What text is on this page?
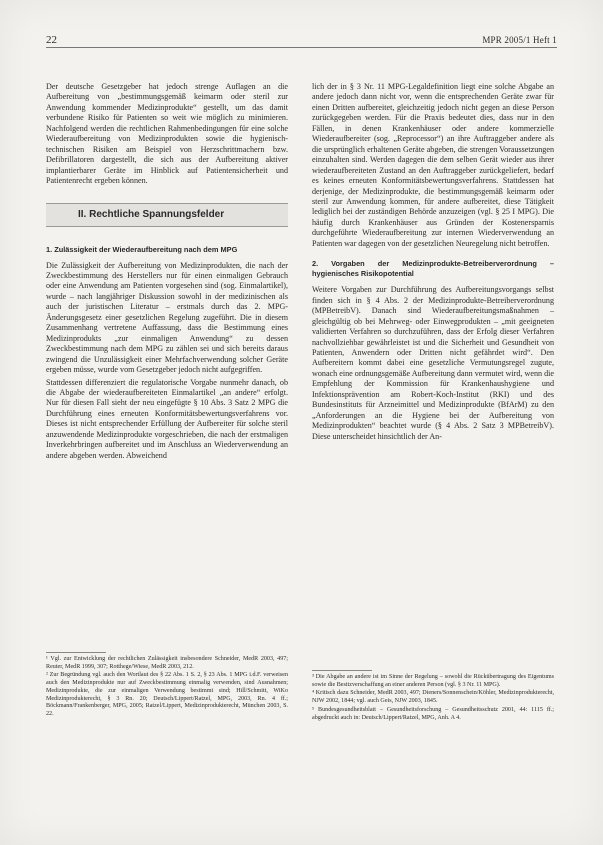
22	MPR 2005/1 Heft 1

Der deutsche Gesetzgeber hat jedoch strenge Auflagen an die Aufbereitung von „bestimmungsgemäß keimarm oder steril zur Anwendung kommender Medizinprodukte“ gestellt, um das damit verbundene Risiko für Patienten so weit wie möglich zu minimieren. Nachfolgend werden die rechtlichen Rahmenbedingungen für eine solche Wiederaufbereitung von Medizinprodukten sowie die hygienisch-technischen Risiken am Beispiel von Herzschrittmachern bzw. Defibrillatoren dargestellt, die sich aus der Aufbereitung aktiver implantierbarer Geräte im Hinblick auf Patientensicherheit und Patientenrecht ergeben können.

II. Rechtliche Spannungsfelder
1. Zulässigkeit der Wiederaufbereitung nach dem MPG

Die Zulässigkeit der Aufbereitung von Medizinprodukten, die nach der Zweckbestimmung des Herstellers nur für einen einmaligen Gebrauch oder eine Anwendung am Patienten vorgesehen sind (sog. Einmalartikel), wurde – nach langjähriger Diskussion sowohl in der medizinischen als auch der juristischen Literatur – erstmals durch das 2. MPG-Änderungsgesetz einer gesetzlichen Regelung zugeführt. Die in diesem Zusammenhang vertretene Auffassung, dass die Bestimmung eines Medizinprodukts „zur einmaligen Anwendung“ zu dessen Zweckbestimmung nach dem MPG zu zählen sei und sich bereits daraus zwingend die Unzulässigkeit einer Mehrfachverwendung solcher Geräte ergeben müsse, wurde vom Gesetzgeber jedoch nicht aufgegriffen.

Stattdessen differenziert die regulatorische Vorgabe nunmehr danach, ob die Abgabe der wiederaufbereiteten Einmalartikel „an andere“ erfolgt. Nur für diesen Fall sieht der neu eingefügte § 10 Abs. 3 Satz 2 MPG die Durchführung eines erneuten Konformitätsbewertungsverfahrens vor. Dieses ist nicht entsprechender Erfüllung der Aufbereiter für solche steril anzuwendende Medizinprodukte vorgeschrieben, die nach der erstmaligen Inverkehrbringen aufbereitet und im Anschluss an Wiederverwendung an andere abgeben werden. Abweichend

lich der in § 3 Nr. 11 MPG-Legaldefinition liegt eine solche Abgabe an andere jedoch dann nicht vor, wenn die entsprechenden Geräte zwar für einen Dritten aufbereitet, gleichzeitig jedoch nicht gegen an diese Person zurückgegeben werden. Für die Praxis bedeutet dies, dass nur in den Fällen, in denen Krankenhäuser oder andere kommerzielle Wiederaufbereiter (sog. „Reprocessor“) an ihre Auftraggeber andere als die ursprünglich erhaltenen Geräte abgeben, die strengen Voraussetzungen einzuhalten sind. Werden dagegen die dem selben Gerät wieder aus ihrer wiederaufbereiteten Zustand an den Auftraggeber zurückgeliefert, bedarf es keines erneuten Konformitätsbewertungsverfahrens. Stattdessen hat derjenige, der Medizinprodukte, die bestimmungsgemäß keimarm oder steril zur Anwendung kommen, für andere aufbereitet, diese Tätigkeit lediglich bei der zuständigen Behörde anzuzeigen (vgl. § 25 I MPG). Die häufig durch Krankenhäuser aus Gründen der Kostenersparnis durchgeführte Wiederaufbereitung zur internen Wiederverwendung an Patienten war dagegen von der gesetzlichen Neuregelung nicht betroffen.

2. Vorgaben der Medizinprodukte-Betreiberverordnung – hygienisches Risikopotential

Weitere Vorgaben zur Durchführung des Aufbereitungsvorgangs selbst finden sich in § 4 Abs. 2 der Medizinprodukte-Betreiberverordnung (MPBetreibV). Danach sind Wiederaufbereitungsmaßnahmen – gleichgültig ob bei Mehrweg- oder Einwegprodukten – „mit geeigneten validierten Verfahren so durchzuführen, dass der Erfolg dieser Verfahren nachvollziehbar gewährleistet ist und die Sicherheit und Gesundheit von Patienten, Anwendern oder Dritten nicht gefährdet wird“. Den Aufbereitern kommt dabei eine gesetzliche Vermutungsregel zugute, wonach eine ordnungsgemäße Aufbereitung dann vermutet wird, wenn die Empfehlung der Kommission für Krankenhaushygiene und Infektionsprävention am Robert-Koch-Institut (RKI) und des Bundesinstituts für Arzneimittel und Medizinprodukte (BfArM) zu den „Anforderungen an die Hygiene bei der Aufbereitung von Medizinprodukten“ beachtet wurde (§ 4 Abs. 2 Satz 3 MPBetreibV). Diese unterscheidet hinsichtlich der An-

¹ Vgl. zur Entwicklung der rechtlichen Zulässigkeit insbesondere Schneider, MedR 2003, 497; Reuter, MedR 1999, 307; Rotthege/Wiese, MedR 2003, 212.

² Zur Begründung vgl. auch den Wortlaut des § 22 Abs. 1 S. 2, § 23 Abs. 1 MPG i.d.F. verweisen auch den Medizinprodukte nur auf Zweckbestimmung einmalig verwenden, sind Ausnahmen; Medizinprodukte, die zur einmaligen Verwendung bestimmt sind; Hill/Schmitt, WiKo Medizinprodukterecht, § 3 Rn. 20; Deutsch/Lippert/Ratzel, MPG, 2003, Rn. 4 ff.; Böckmann/Frankenberger, MPG, 2005; Ratzel/Lippert, Medizinprodukterecht, München 2003, S. 22.

³ Die Abgabe an andere ist im Sinne der Regelung – sowohl die Rückübertragung des Eigentums sowie die Besitzverschaffung an einer anderen Person (vgl. § 3 Nr. 11 MPG).

⁴ Kritisch dazu Schneider, MedR 2003, 497; Dieners/Sonnenschein/Köhler, Medizinprodukterecht, NJW 2002, 1844; vgl. auch Geis, NJW 2003, 1845.

⁵ Bundesgesundheitsblatt – Gesundheitsforschung – Gesundheitsschutz 2001, 44: 1115 ff.; abgedruckt auch in: Deutsch/Lippert/Ratzel, MPG, Anh. A 4.
